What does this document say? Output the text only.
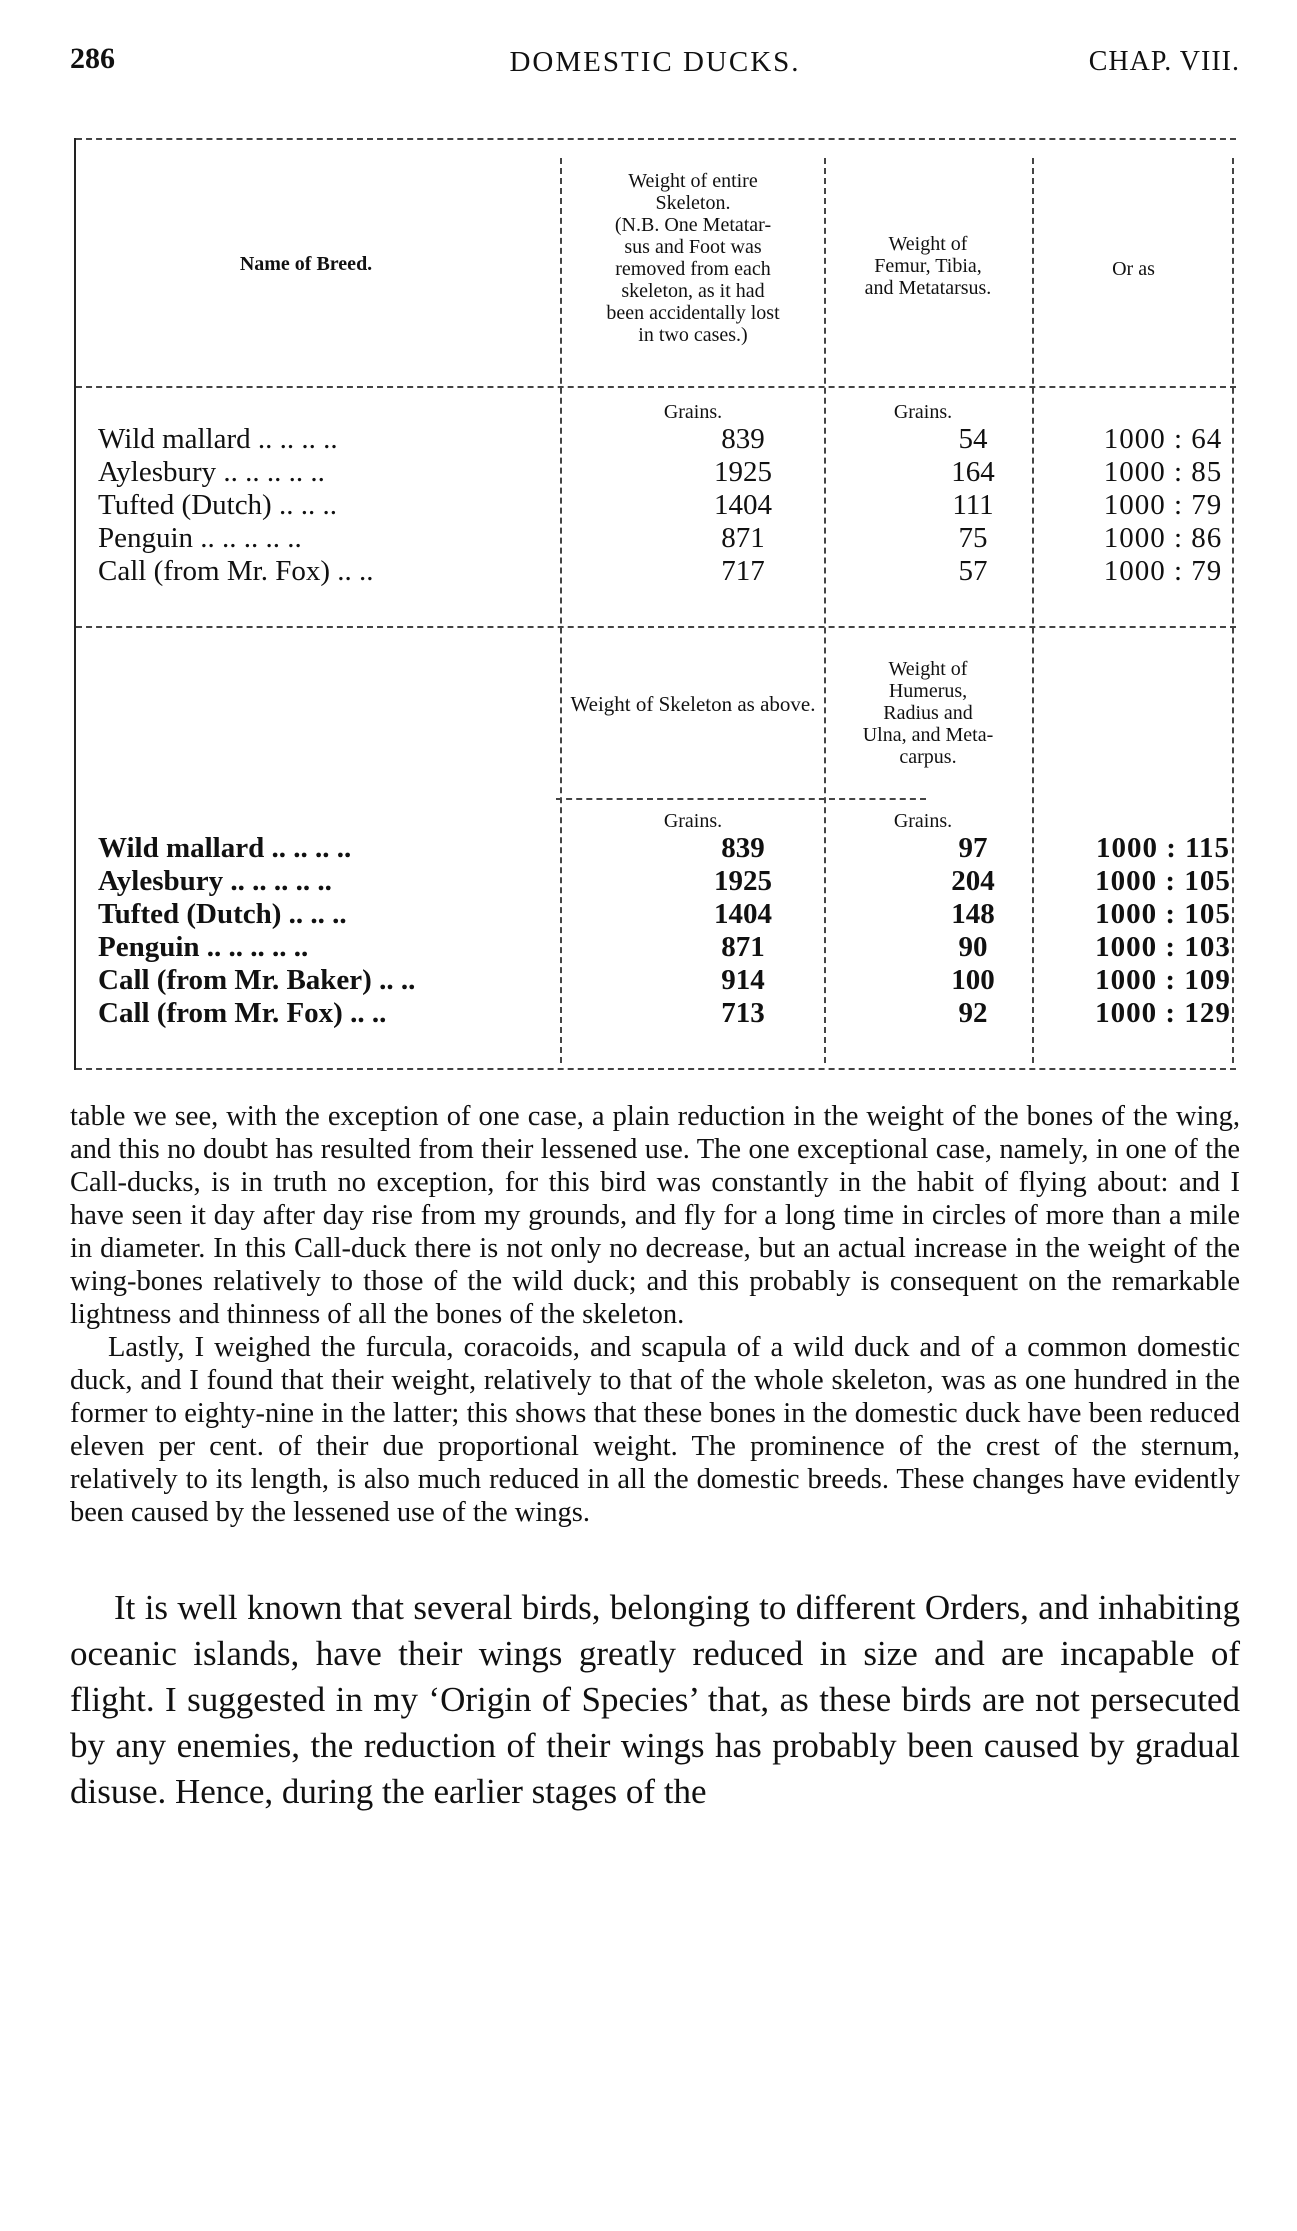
286	DOMESTIC DUCKS.	CHAP. VIII.
Name of Breed.
Weight of entire
Skeleton.
(N.B. One Metatar-
sus and Foot was
removed from each
skeleton, as it had
been accidentally lost
in two cases.)
Weight of
Femur, Tibia,
and Metatarsus.
Or as
Grains.	Grains.
Wild mallard .. .. .. ..	839	54	1000 : 64
Aylesbury .. .. .. .. ..	1925	164	1000 : 85
Tufted (Dutch) .. .. ..	1404	111	1000 : 79
Penguin .. .. .. .. ..	871	75	1000 : 86
Call (from Mr. Fox) .. ..	717	57	1000 : 79
Weight of Skeleton as above.
Weight of
Humerus,
Radius and
Ulna, and Meta-
carpus.
Grains.	Grains.
Wild mallard .. .. .. ..	839	97	1000 : 115
Aylesbury .. .. .. .. ..	1925	204	1000 : 105
Tufted (Dutch) .. .. ..	1404	148	1000 : 105
Penguin .. .. .. .. ..	871	90	1000 : 103
Call (from Mr. Baker) .. ..	914	100	1000 : 109
Call (from Mr. Fox) .. ..	713	92	1000 : 129

table we see, with the exception of one case, a plain reduction in the weight of the bones of the wing, and this no doubt has resulted from their lessened use. The one exceptional case, namely, in one of the Call-ducks, is in truth no exception, for this bird was constantly in the habit of flying about: and I have seen it day after day rise from my grounds, and fly for a long time in circles of more than a mile in diameter. In this Call-duck there is not only no decrease, but an actual increase in the weight of the wing-bones relatively to those of the wild duck; and this probably is consequent on the remarkable lightness and thinness of all the bones of the skeleton.

Lastly, I weighed the furcula, coracoids, and scapula of a wild duck and of a common domestic duck, and I found that their weight, relatively to that of the whole skeleton, was as one hundred in the former to eighty-nine in the latter; this shows that these bones in the domestic duck have been reduced eleven per cent. of their due proportional weight. The prominence of the crest of the sternum, relatively to its length, is also much reduced in all the domestic breeds. These changes have evidently been caused by the lessened use of the wings.

It is well known that several birds, belonging to different Orders, and inhabiting oceanic islands, have their wings greatly reduced in size and are incapable of flight. I suggested in my ‘Origin of Species’ that, as these birds are not persecuted by any enemies, the reduction of their wings has probably been caused by gradual disuse. Hence, during the earlier stages of the
